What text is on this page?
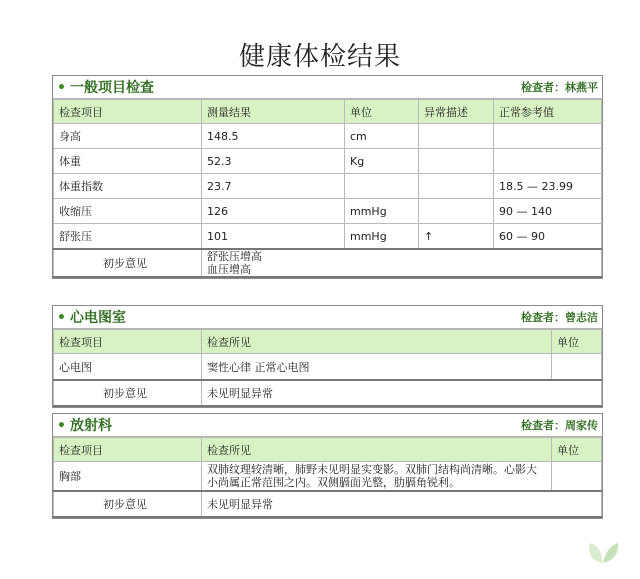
健康体检结果
• 一般项目检查	检查者：林燕平
检查项目	测量结果	单位	异常描述	正常参考值
身高	148.5	cm		
体重	52.3	Kg		
体重指数	23.7			18.5 — 23.99
收缩压	126	mmHg		90 — 140
舒张压	101	mmHg	↑	60 — 90
初步意见	舒张压增高
血压增高			
• 心电图室	检查者：曾志洁
检查项目	检查所见	单位
心电图	窦性心律 正常心电图	
初步意见	未见明显异常	
• 放射科	检查者：周家传
检查项目	检查所见	单位
胸部	双肺纹理较清晰，肺野未见明显实变影。双肺门结构尚清晰。心影大小尚属正常范围之内。双侧膈面光整，肋膈角锐利。	
初步意见	未见明显异常	
